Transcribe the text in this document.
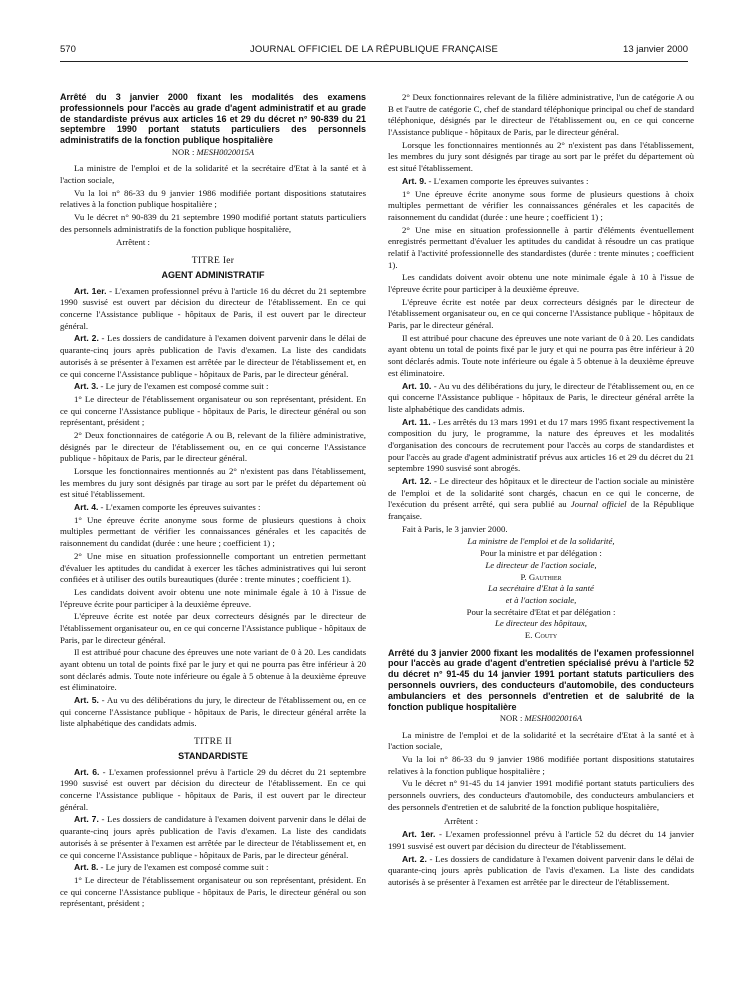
570	JOURNAL OFFICIEL DE LA RÉPUBLIQUE FRANÇAISE	13 janvier 2000
Arrêté du 3 janvier 2000 fixant les modalités des examens professionnels pour l'accès au grade d'agent administratif et au grade de standardiste prévus aux articles 16 et 29 du décret n° 90-839 du 21 septembre 1990 portant statuts particuliers des personnels administratifs de la fonction publique hospitalière
NOR : MESH0020015A

La ministre de l'emploi et de la solidarité et la secrétaire d'Etat à la santé et à l'action sociale,

Vu la loi n° 86-33 du 9 janvier 1986 modifiée portant dispositions statutaires relatives à la fonction publique hospitalière ;

Vu le décret n° 90-839 du 21 septembre 1990 modifié portant statuts particuliers des personnels administratifs de la fonction publique hospitalière,

Arrêtent :

TITRE Ier
AGENT ADMINISTRATIF

Art. 1er. - L'examen professionnel prévu à l'article 16 du décret du 21 septembre 1990 susvisé est ouvert par décision du directeur de l'établissement. En ce qui concerne l'Assistance publique - hôpitaux de Paris, il est ouvert par le directeur général.

Art. 2. - Les dossiers de candidature à l'examen doivent parvenir dans le délai de quarante-cinq jours après publication de l'avis d'examen. La liste des candidats autorisés à se présenter à l'examen est arrêtée par le directeur de l'établissement et, en ce qui concerne l'Assistance publique - hôpitaux de Paris, par le directeur général.

Art. 3. - Le jury de l'examen est composé comme suit :

1° Le directeur de l'établissement organisateur ou son représentant, président. En ce qui concerne l'Assistance publique - hôpitaux de Paris, le directeur général ou son représentant, président ;

2° Deux fonctionnaires de catégorie A ou B, relevant de la filière administrative, désignés par le directeur de l'établissement ou, en ce qui concerne l'Assistance publique - hôpitaux de Paris, par le directeur général.

Lorsque les fonctionnaires mentionnés au 2° n'existent pas dans l'établissement, les membres du jury sont désignés par tirage au sort par le préfet du département où est situé l'établissement.

Art. 4. - L'examen comporte les épreuves suivantes :

1° Une épreuve écrite anonyme sous forme de plusieurs questions à choix multiples permettant de vérifier les connaissances générales et les capacités de raisonnement du candidat (durée : une heure ; coefficient 1) ;

2° Une mise en situation professionnelle comportant un entretien permettant d'évaluer les aptitudes du candidat à exercer les tâches administratives qui lui seront confiées et à utiliser des outils bureautiques (durée : trente minutes ; coefficient 1).

Les candidats doivent avoir obtenu une note minimale égale à 10 à l'issue de l'épreuve écrite pour participer à la deuxième épreuve.

L'épreuve écrite est notée par deux correcteurs désignés par le directeur de l'établissement organisateur ou, en ce qui concerne l'Assistance publique - hôpitaux de Paris, par le directeur général.

Il est attribué pour chacune des épreuves une note variant de 0 à 20. Les candidats ayant obtenu un total de points fixé par le jury et qui ne pourra pas être inférieur à 20 sont déclarés admis. Toute note inférieure ou égale à 5 obtenue à la deuxième épreuve est éliminatoire.

Art. 5. - Au vu des délibérations du jury, le directeur de l'établissement ou, en ce qui concerne l'Assistance publique - hôpitaux de Paris, le directeur général arrête la liste alphabétique des candidats admis.

TITRE II
STANDARDISTE

Art. 6. - L'examen professionnel prévu à l'article 29 du décret du 21 septembre 1990 susvisé est ouvert par décision du directeur de l'établissement. En ce qui concerne l'Assistance publique - hôpitaux de Paris, il est ouvert par le directeur général.

Art. 7. - Les dossiers de candidature à l'examen doivent parvenir dans le délai de quarante-cinq jours après publication de l'avis d'examen. La liste des candidats autorisés à se présenter à l'examen est arrêtée par le directeur de l'établissement et, en ce qui concerne l'Assistance publique - hôpitaux de Paris, par le directeur général.

Art. 8. - Le jury de l'examen est composé comme suit :

1° Le directeur de l'établissement organisateur ou son représentant, président. En ce qui concerne l'Assistance publique - hôpitaux de Paris, le directeur général ou son représentant, président ;

2° Deux fonctionnaires relevant de la filière administrative, l'un de catégorie A ou B et l'autre de catégorie C, chef de standard téléphonique principal ou chef de standard téléphonique, désignés par le directeur de l'établissement ou, en ce qui concerne l'Assistance publique - hôpitaux de Paris, par le directeur général.

Lorsque les fonctionnaires mentionnés au 2° n'existent pas dans l'établissement, les membres du jury sont désignés par tirage au sort par le préfet du département où est situé l'établissement.

Art. 9. - L'examen comporte les épreuves suivantes :

1° Une épreuve écrite anonyme sous forme de plusieurs questions à choix multiples permettant de vérifier les connaissances générales et les capacités de raisonnement du candidat (durée : une heure ; coefficient 1) ;

2° Une mise en situation professionnelle à partir d'éléments éventuellement enregistrés permettant d'évaluer les aptitudes du candidat à résoudre un cas pratique relatif à l'activité professionnelle des standardistes (durée : trente minutes ; coefficient 1).

Les candidats doivent avoir obtenu une note minimale égale à 10 à l'issue de l'épreuve écrite pour participer à la deuxième épreuve.

L'épreuve écrite est notée par deux correcteurs désignés par le directeur de l'établissement organisateur ou, en ce qui concerne l'Assistance publique - hôpitaux de Paris, par le directeur général.

Il est attribué pour chacune des épreuves une note variant de 0 à 20. Les candidats ayant obtenu un total de points fixé par le jury et qui ne pourra pas être inférieur à 20 sont déclarés admis. Toute note inférieure ou égale à 5 obtenue à la deuxième épreuve est éliminatoire.

Art. 10. - Au vu des délibérations du jury, le directeur de l'établissement ou, en ce qui concerne l'Assistance publique - hôpitaux de Paris, le directeur général arrête la liste alphabétique des candidats admis.

Art. 11. - Les arrêtés du 13 mars 1991 et du 17 mars 1995 fixant respectivement la composition du jury, le programme, la nature des épreuves et les modalités d'organisation des concours de recrutement pour l'accès au corps de standardistes et pour l'accès au grade d'agent administratif prévus aux articles 16 et 29 du décret du 21 septembre 1990 susvisé sont abrogés.

Art. 12. - Le directeur des hôpitaux et le directeur de l'action sociale au ministère de l'emploi et de la solidarité sont chargés, chacun en ce qui le concerne, de l'exécution du présent arrêté, qui sera publié au Journal officiel de la République française.

Fait à Paris, le 3 janvier 2000.

La ministre de l'emploi et de la solidarité,

Pour la ministre et par délégation :

Le directeur de l'action sociale,

P. Gauthier

La secrétaire d'Etat à la santé

et à l'action sociale,

Pour la secrétaire d'Etat et par délégation :

Le directeur des hôpitaux,

E. Couty

Arrêté du 3 janvier 2000 fixant les modalités de l'examen professionnel pour l'accès au grade d'agent d'entretien spécialisé prévu à l'article 52 du décret n° 91-45 du 14 janvier 1991 portant statuts particuliers des personnels ouvriers, des conducteurs d'automobile, des conducteurs ambulanciers et des personnels d'entretien et de salubrité de la fonction publique hospitalière
NOR : MESH0020016A

La ministre de l'emploi et de la solidarité et la secrétaire d'Etat à la santé et à l'action sociale,

Vu la loi n° 86-33 du 9 janvier 1986 modifiée portant dispositions statutaires relatives à la fonction publique hospitalière ;

Vu le décret n° 91-45 du 14 janvier 1991 modifié portant statuts particuliers des personnels ouvriers, des conducteurs d'automobile, des conducteurs ambulanciers et des personnels d'entretien et de salubrité de la fonction publique hospitalière,

Arrêtent :

Art. 1er. - L'examen professionnel prévu à l'article 52 du décret du 14 janvier 1991 susvisé est ouvert par décision du directeur de l'établissement.

Art. 2. - Les dossiers de candidature à l'examen doivent parvenir dans le délai de quarante-cinq jours après publication de l'avis d'examen. La liste des candidats autorisés à se présenter à l'examen est arrêtée par le directeur de l'établissement.
